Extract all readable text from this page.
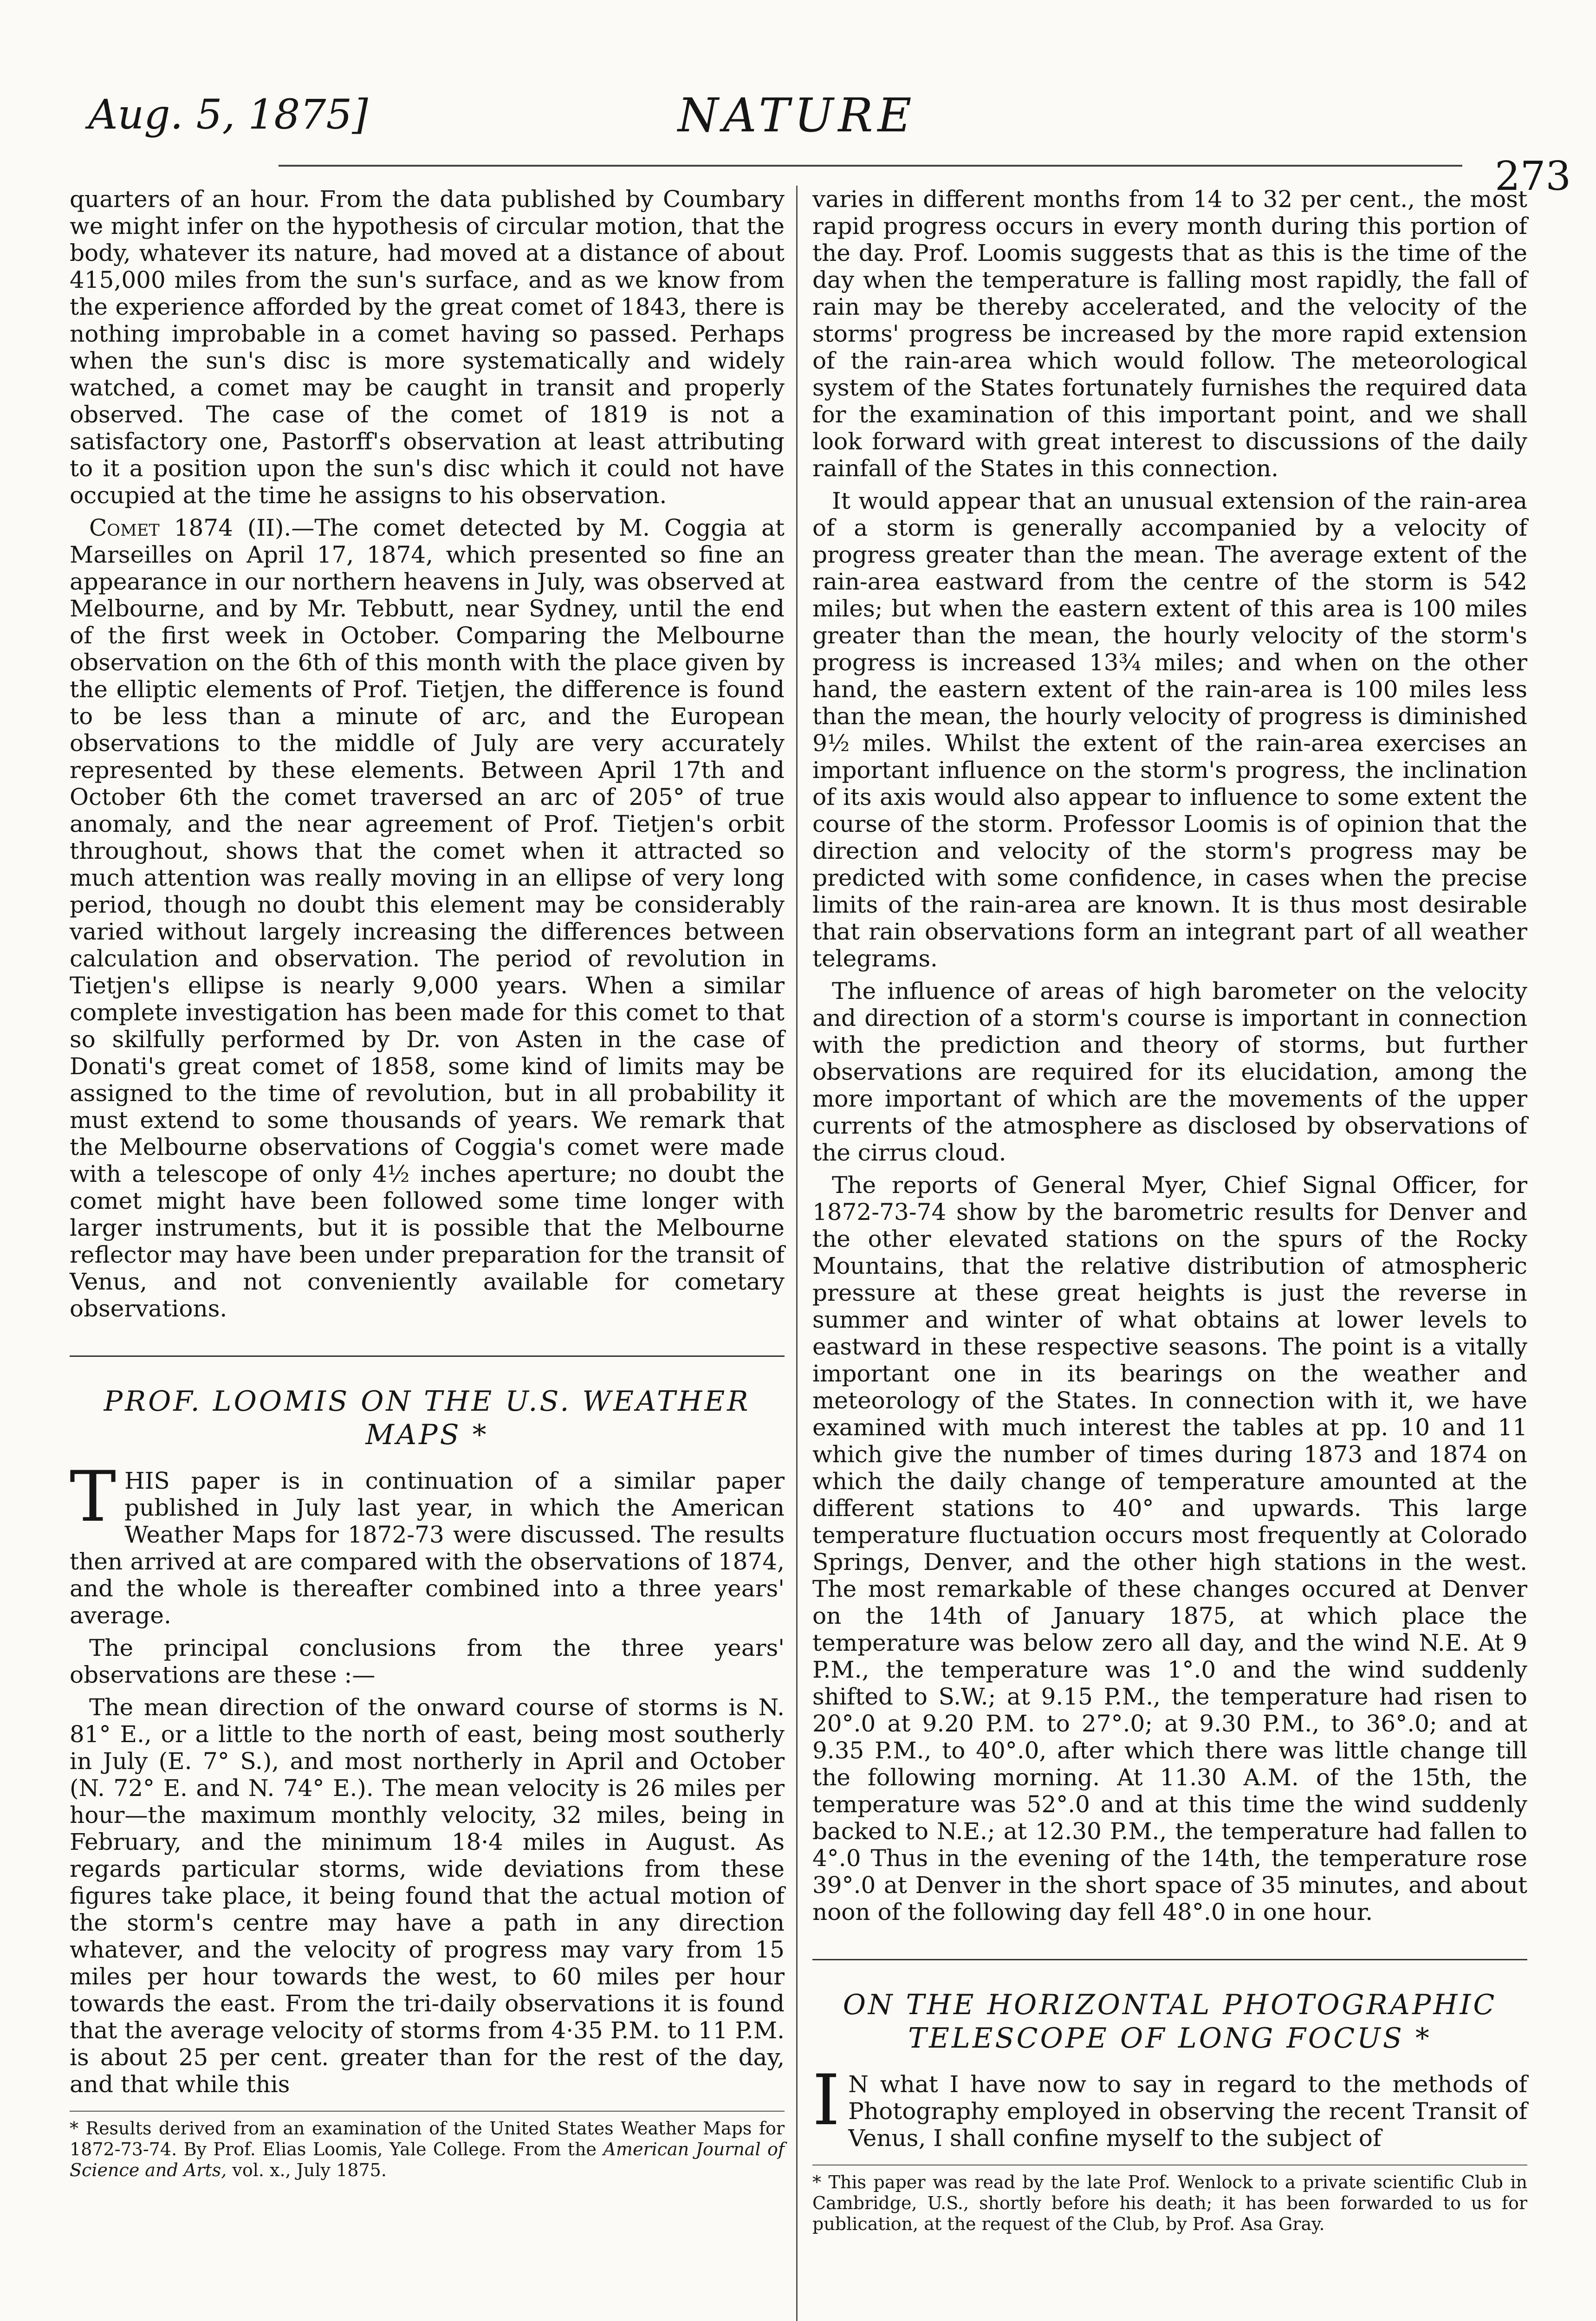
Aug. 5, 1875]	NATURE
273

quarters of an hour. From the data published by Coumbary we might infer on the hypothesis of circular motion, that the body, whatever its nature, had moved at a distance of about 415,000 miles from the sun's surface, and as we know from the experience afforded by the great comet of 1843, there is nothing improbable in a comet having so passed. Perhaps when the sun's disc is more systematically and widely watched, a comet may be caught in transit and properly observed. The case of the comet of 1819 is not a satisfactory one, Pastorff's observation at least attributing to it a position upon the sun's disc which it could not have occupied at the time he assigns to his observation.

Comet 1874 (II).—The comet detected by M. Coggia at Marseilles on April 17, 1874, which presented so fine an appearance in our northern heavens in July, was observed at Melbourne, and by Mr. Tebbutt, near Sydney, until the end of the first week in October. Comparing the Melbourne observation on the 6th of this month with the place given by the elliptic elements of Prof. Tietjen, the difference is found to be less than a minute of arc, and the European observations to the middle of July are very accurately represented by these elements. Between April 17th and October 6th the comet traversed an arc of 205° of true anomaly, and the near agreement of Prof. Tietjen's orbit throughout, shows that the comet when it attracted so much attention was really moving in an ellipse of very long period, though no doubt this element may be considerably varied without largely increasing the differences between calculation and observation. The period of revolution in Tietjen's ellipse is nearly 9,000 years. When a similar complete investigation has been made for this comet to that so skilfully performed by Dr. von Asten in the case of Donati's great comet of 1858, some kind of limits may be assigned to the time of revolution, but in all probability it must extend to some thousands of years. We remark that the Melbourne observations of Coggia's comet were made with a telescope of only 4½ inches aperture; no doubt the comet might have been followed some time longer with larger instruments, but it is possible that the Melbourne reflector may have been under preparation for the transit of Venus, and not conveniently available for cometary observations.

PROF. LOOMIS ON THE U.S. WEATHER MAPS *

THIS paper is in continuation of a similar paper published in July last year, in which the American Weather Maps for 1872-73 were discussed. The results then arrived at are compared with the observations of 1874, and the whole is thereafter combined into a three years' average.

The principal conclusions from the three years' observations are these :—

The mean direction of the onward course of storms is N. 81° E., or a little to the north of east, being most southerly in July (E. 7° S.), and most northerly in April and October (N. 72° E. and N. 74° E.). The mean velocity is 26 miles per hour—the maximum monthly velocity, 32 miles, being in February, and the minimum 18·4 miles in August. As regards particular storms, wide deviations from these figures take place, it being found that the actual motion of the storm's centre may have a path in any direction whatever, and the velocity of progress may vary from 15 miles per hour towards the west, to 60 miles per hour towards the east. From the tri-daily observations it is found that the average velocity of storms from 4·35 P.M. to 11 P.M. is about 25 per cent. greater than for the rest of the day, and that while this

* Results derived from an examination of the United States Weather Maps for 1872-73-74. By Prof. Elias Loomis, Yale College. From the American Journal of Science and Arts, vol. x., July 1875.

varies in different months from 14 to 32 per cent., the most rapid progress occurs in every month during this portion of the day. Prof. Loomis suggests that as this is the time of the day when the temperature is falling most rapidly, the fall of rain may be thereby accelerated, and the velocity of the storms' progress be increased by the more rapid extension of the rain-area which would follow. The meteorological system of the States fortunately furnishes the required data for the examination of this important point, and we shall look forward with great interest to discussions of the daily rainfall of the States in this connection.

It would appear that an unusual extension of the rain-area of a storm is generally accompanied by a velocity of progress greater than the mean. The average extent of the rain-area eastward from the centre of the storm is 542 miles; but when the eastern extent of this area is 100 miles greater than the mean, the hourly velocity of the storm's progress is increased 13¾ miles; and when on the other hand, the eastern extent of the rain-area is 100 miles less than the mean, the hourly velocity of progress is diminished 9½ miles. Whilst the extent of the rain-area exercises an important influence on the storm's progress, the inclination of its axis would also appear to influence to some extent the course of the storm. Professor Loomis is of opinion that the direction and velocity of the storm's progress may be predicted with some confidence, in cases when the precise limits of the rain-area are known. It is thus most desirable that rain observations form an integrant part of all weather telegrams.

The influence of areas of high barometer on the velocity and direction of a storm's course is important in connection with the prediction and theory of storms, but further observations are required for its elucidation, among the more important of which are the movements of the upper currents of the atmosphere as disclosed by observations of the cirrus cloud.

The reports of General Myer, Chief Signal Officer, for 1872-73-74 show by the barometric results for Denver and the other elevated stations on the spurs of the Rocky Mountains, that the relative distribution of atmospheric pressure at these great heights is just the reverse in summer and winter of what obtains at lower levels to eastward in these respective seasons. The point is a vitally important one in its bearings on the weather and meteorology of the States. In connection with it, we have examined with much interest the tables at pp. 10 and 11 which give the number of times during 1873 and 1874 on which the daily change of temperature amounted at the different stations to 40° and upwards. This large temperature fluctuation occurs most frequently at Colorado Springs, Denver, and the other high stations in the west. The most remarkable of these changes occured at Denver on the 14th of January 1875, at which place the temperature was below zero all day, and the wind N.E. At 9 P.M., the temperature was 1°.0 and the wind suddenly shifted to S.W.; at 9.15 P.M., the temperature had risen to 20°.0 at 9.20 P.M. to 27°.0; at 9.30 P.M., to 36°.0; and at 9.35 P.M., to 40°.0, after which there was little change till the following morning. At 11.30 A.M. of the 15th, the temperature was 52°.0 and at this time the wind suddenly backed to N.E.; at 12.30 P.M., the temperature had fallen to 4°.0 Thus in the evening of the 14th, the temperature rose 39°.0 at Denver in the short space of 35 minutes, and about noon of the following day fell 48°.0 in one hour.

ON THE HORIZONTAL PHOTOGRAPHIC TELESCOPE OF LONG FOCUS *

I N what I have now to say in regard to the methods of Photography employed in observing the recent Transit of Venus, I shall confine myself to the subject of

* This paper was read by the late Prof. Wenlock to a private scientific Club in Cambridge, U.S., shortly before his death; it has been forwarded to us for publication, at the request of the Club, by Prof. Asa Gray.
